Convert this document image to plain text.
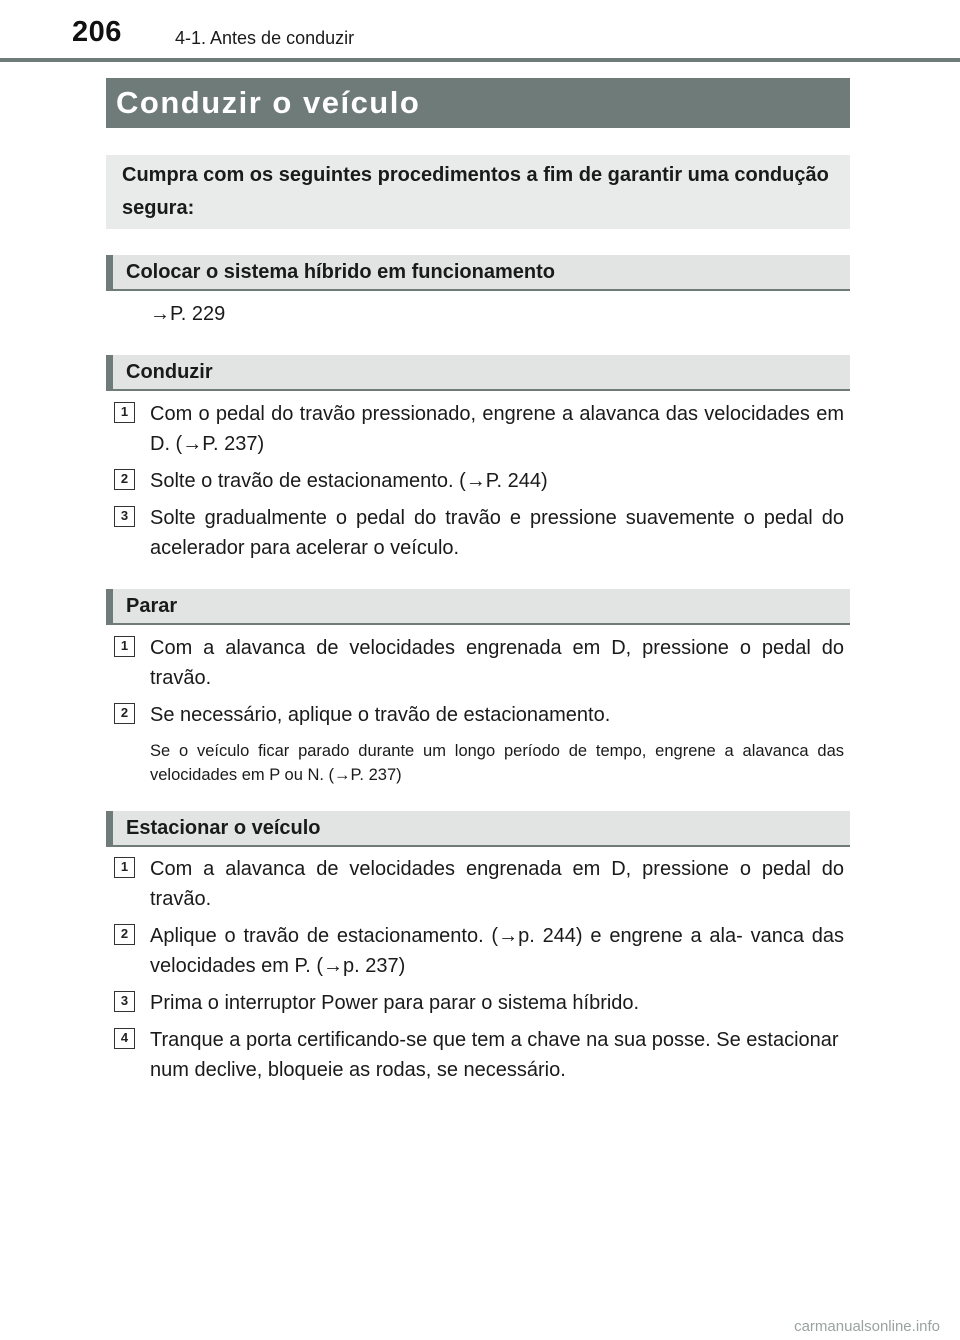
206	4-1. Antes de conduzir
Conduzir o veículo
Cumpra com os seguintes procedimentos a fim de garantir uma condução segura:
Colocar o sistema híbrido em funcionamento
→P. 229
Conduzir
1	Com o pedal do travão pressionado, engrene a alavanca das velocidades em D. (→P. 237)
2	Solte o travão de estacionamento. (→P. 244)
3	Solte gradualmente o pedal do travão e pressione suavemente o pedal do acelerador para acelerar o veículo.
Parar
1	Com a alavanca de velocidades engrenada em D, pressione o pedal do travão.
2	Se necessário, aplique o travão de estacionamento.
Se o veículo ficar parado durante um longo período de tempo, engrene a alavanca das velocidades em P ou N. (→P. 237)
Estacionar o veículo
1	Com a alavanca de velocidades engrenada em D, pressione o pedal do travão.
2	Aplique o travão de estacionamento. (→p. 244) e engrene a ala- vanca das velocidades em P. (→p. 237)
3	Prima o interruptor Power para parar o sistema híbrido.
4	Tranque a porta certificando-se que tem a chave na sua posse. Se estacionar num declive, bloqueie as rodas, se necessário.
carmanualsonline.info
